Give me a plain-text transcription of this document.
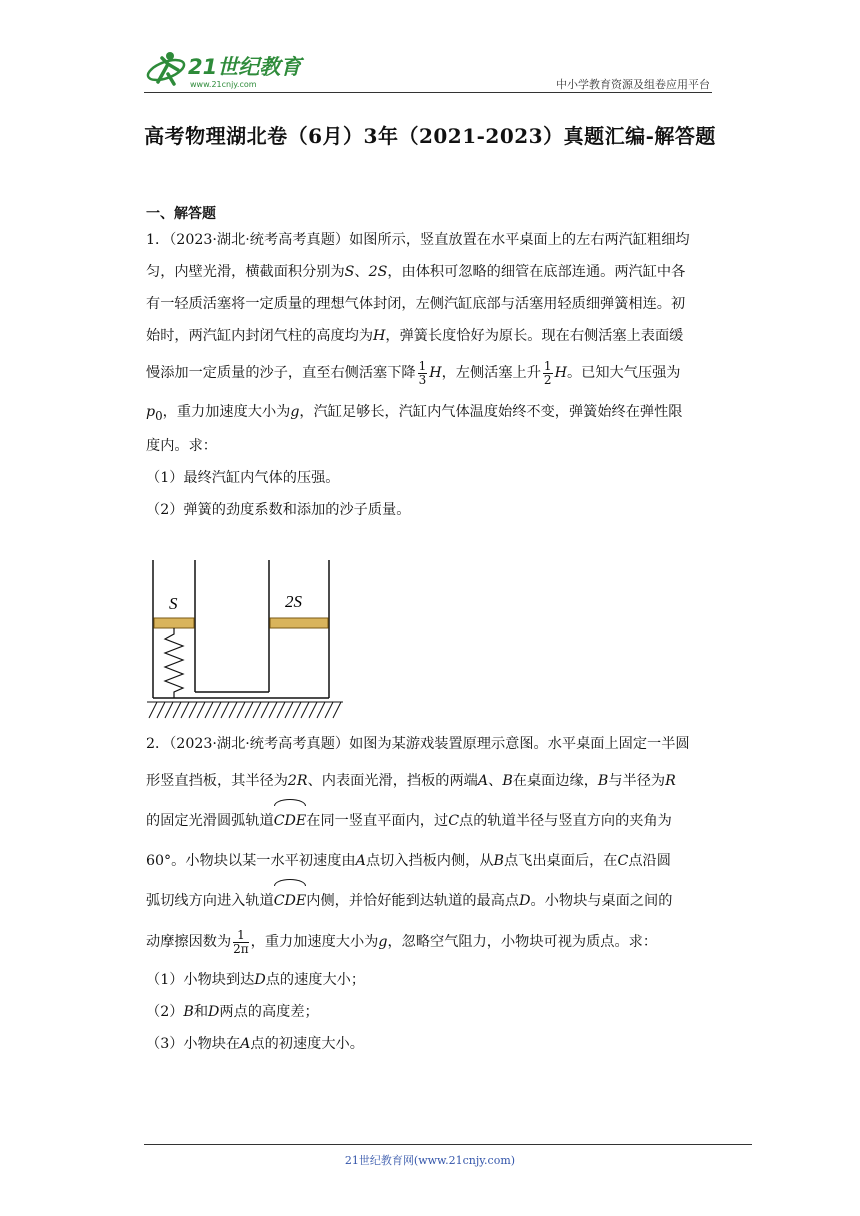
21世纪教育
www.21cnjy.com	中小学教育资源及组卷应用平台
高考物理湖北卷（6月）3年（2021-2023）真题汇编-解答题
一、解答题
1．（2023·湖北·统考高考真题）如图所示，竖直放置在水平桌面上的左右两汽缸粗细均
匀，内壁光滑，横截面积分别为S、2S，由体积可忽略的细管在底部连通。两汽缸中各
有一轻质活塞将一定质量的理想气体封闭，左侧汽缸底部与活塞用轻质细弹簧相连。初
始时，两汽缸内封闭气柱的高度均为H，弹簧长度恰好为原长。现在右侧活塞上表面缓
慢添加一定质量的沙子，直至右侧活塞下降 $\frac{1}{3}$ H，左侧活塞上升 $\frac{1}{2}$ H。已知大气压强为
$p_0$，重力加速度大小为g，汽缸足够长，汽缸内气体温度始终不变，弹簧始终在弹性限
度内。求：
（1）最终汽缸内气体的压强。
（2）弹簧的劲度系数和添加的沙子质量。
S	2S
2．（2023·湖北·统考高考真题）如图为某游戏装置原理示意图。水平桌面上固定一半圆
形竖直挡板，其半径为2R、内表面光滑，挡板的两端A、B在桌面边缘，B与半径为R
的固定光滑圆弧轨道CDE在同一竖直平面内，过C点的轨道半径与竖直方向的夹角为
60°。小物块以某一水平初速度由A点切入挡板内侧，从B点飞出桌面后，在C点沿圆
弧切线方向进入轨道CDE内侧，并恰好能到达轨道的最高点D。小物块与桌面之间的
动摩擦因数为 $\frac{1}{2\pi}$ ，重力加速度大小为g，忽略空气阻力，小物块可视为质点。求：
（1）小物块到达D点的速度大小；
（2）B和D两点的高度差；
（3）小物块在A点的初速度大小。
21世纪教育网(www.21cnjy.com)
